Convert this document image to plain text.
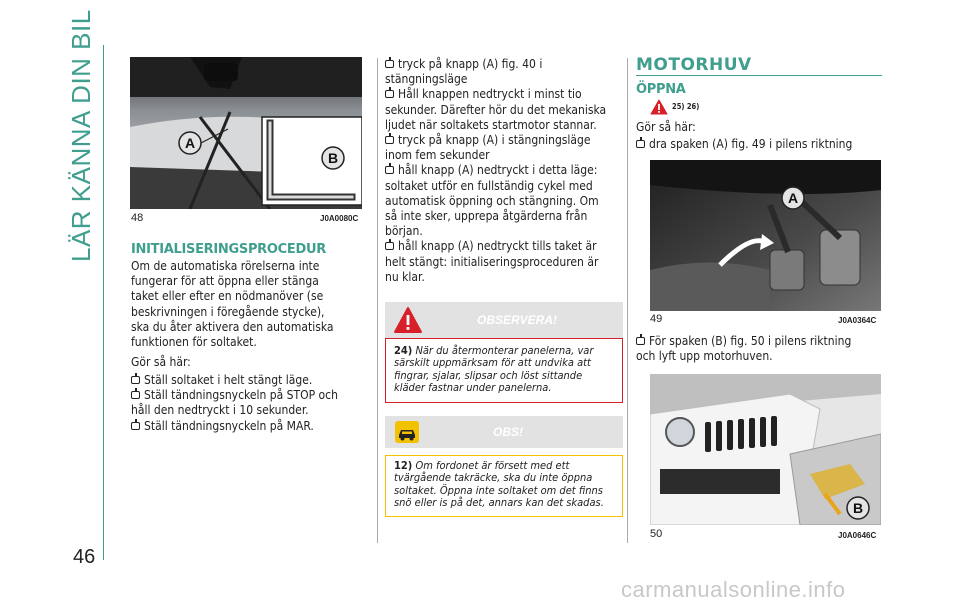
LÄR KÄNNA DIN BIL
46
A
B
48	J0A0080C
INITIALISERINGSPROCEDUR
Om de automatiska rörelserna inte
fungerar för att öppna eller stänga
taket eller efter en nödmanöver (se
beskrivningen i föregående stycke),
ska du åter aktivera den automatiska
funktionen för soltaket.
Gör så här:
Ställ soltaket i helt stängt läge.
Ställ tändningsnyckeln på STOP och
håll den nedtryckt i 10 sekunder.
Ställ tändningsnyckeln på MAR.
tryck på knapp (A) fig. 40 i
stängningsläge
Håll knappen nedtryckt i minst tio
sekunder. Därefter hör du det mekaniska
ljudet när soltakets startmotor stannar.
tryck på knapp (A) i stängningsläge
inom fem sekunder
håll knapp (A) nedtryckt i detta läge:
soltaket utför en fullständig cykel med
automatisk öppning och stängning. Om
så inte sker, upprepa åtgärderna från
början.
håll knapp (A) nedtryckt tills taket är
helt stängt: initialiseringsproceduren är
nu klar.
OBSERVERA!
24) När du återmonterar panelerna, var
särskilt uppmärksam för att undvika att
fingrar, sjalar, slipsar och löst sittande
kläder fastnar under panelerna.
OBS!
12) Om fordonet är försett med ett
tvärgående takräcke, ska du inte öppna
soltaket. Öppna inte soltaket om det finns
snö eller is på det, annars kan det skadas.
MOTORHUV
ÖPPNA
25) 26)
Gör så här:
dra spaken (A) fig. 49 i pilens riktning
A
49	J0A0364C
För spaken (B) fig. 50 i pilens riktning
och lyft upp motorhuven.
B
50	J0A0646C
carmanualsonline.info
